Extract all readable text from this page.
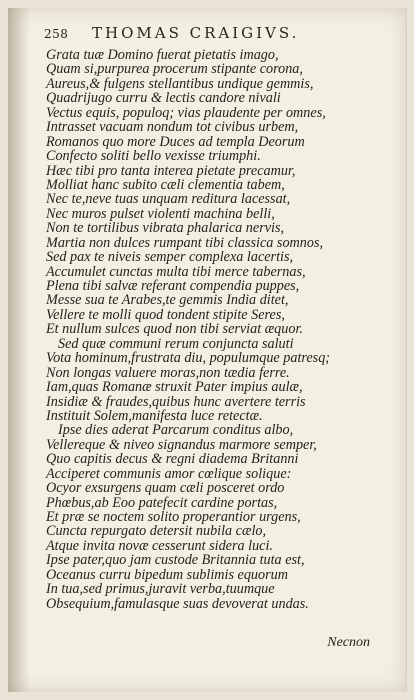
258 THOMAS CRAIGIVS.
Grata tuæ Domino fuerat pietatis imago,
Quam si,purpurea procerum stipante corona,
Aureus,& fulgens stellantibus undique gemmis,
Quadrijugo curru & lectis candore nivali
Vectus equis, populoq; vias plaudente per omnes,
Intrasset vacuam nondum tot civibus urbem,
Romanos quo more Duces ad templa Deorum
Confecto soliti bello vexisse triumphi.
Hæc tibi pro tanta interea pietate precamur,
Molliat hanc subito cæli clementia tabem,
Nec te,neve tuas unquam reditura lacessat,
Nec muros pulset violenti machina belli,
Non te tortilibus vibrata phalarica nervis,
Martia non dulces rumpant tibi classica somnos,
Sed pax te niveis semper complexa lacertis,
Accumulet cunctas multa tibi merce tabernas,
Plena tibi salvæ referant compendia puppes,
Messe sua te Arabes,te gemmis India ditet,
Vellere te molli quod tondent stipite Seres,
Et nullum sulces quod non tibi serviat æquor.
Sed quæ communi rerum conjuncta saluti
Vota hominum,frustrata diu, populumque patresq;
Non longas valuere moras,non tædia ferre.
Iam,quas Romanæ struxit Pater impius aulæ,
Insidiæ & fraudes,quibus hunc avertere terris
Instituit Solem,manifesta luce retectæ.
Ipse dies aderat Parcarum conditus albo,
Vellereque & niveo signandus marmore semper,
Quo capitis decus & regni diadema Britanni
Acciperet communis amor cœlique solique:
Ocyor exsurgens quam cæli posceret ordo
Phœbus,ab Eoo patefecit cardine portas,
Et præ se noctem solito properantior urgens,
Cuncta repurgato detersit nubila cælo,
Atque invita novæ cesserunt sidera luci.
Ipse pater,quo jam custode Britannia tuta est,
Oceanus curru bipedum sublimis equorum
In tua,sed primus,juravit verba,tuumque
Obsequium,famulasque suas devoverat undas.
Necnon
